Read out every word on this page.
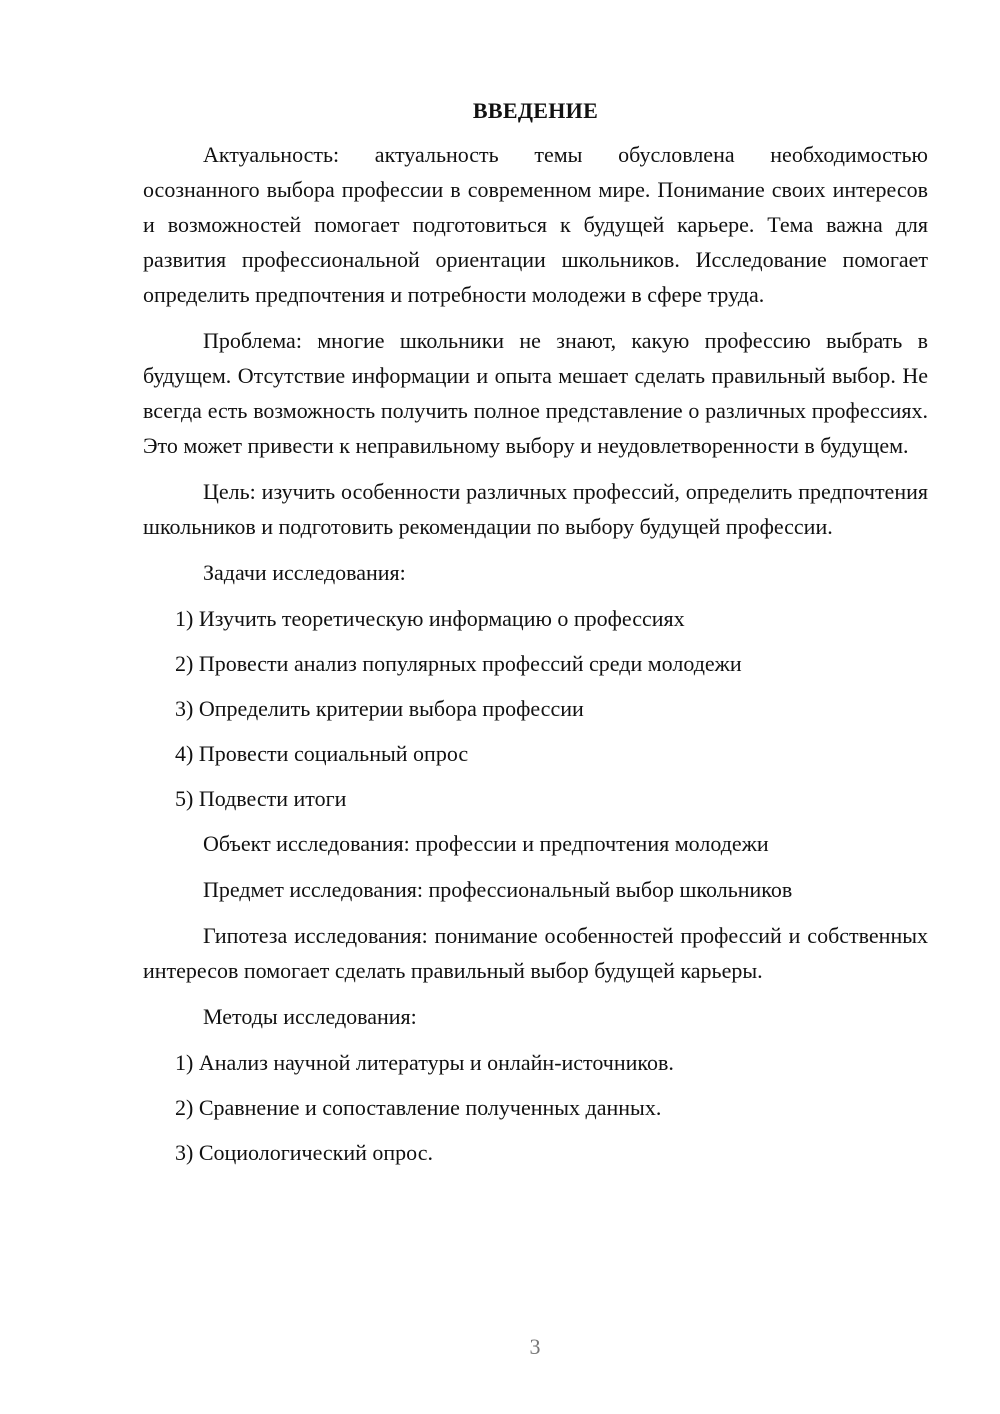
ВВЕДЕНИЕ

Актуальность: актуальность темы обусловлена необходимостью осознанного выбора профессии в современном мире. Понимание своих интересов и возможностей помогает подготовиться к будущей карьере. Тема важна для развития профессиональной ориентации школьников. Исследование помогает определить предпочтения и потребности молодежи в сфере труда.

Проблема: многие школьники не знают, какую профессию выбрать в будущем. Отсутствие информации и опыта мешает сделать правильный выбор. Не всегда есть возможность получить полное представление о различных профессиях. Это может привести к неправильному выбору и неудовлетворенности в будущем.

Цель: изучить особенности различных профессий, определить предпочтения школьников и подготовить рекомендации по выбору будущей профессии.

Задачи исследования:

1) Изучить теоретическую информацию о профессиях

2) Провести анализ популярных профессий среди молодежи

3) Определить критерии выбора профессии

4) Провести социальный опрос

5) Подвести итоги

Объект исследования: профессии и предпочтения молодежи

Предмет исследования: профессиональный выбор школьников

Гипотеза исследования: понимание особенностей профессий и собственных интересов помогает сделать правильный выбор будущей карьеры.

Методы исследования:

1) Анализ научной литературы и онлайн-источников.

2) Сравнение и сопоставление полученных данных.

3) Социологический опрос.

3
